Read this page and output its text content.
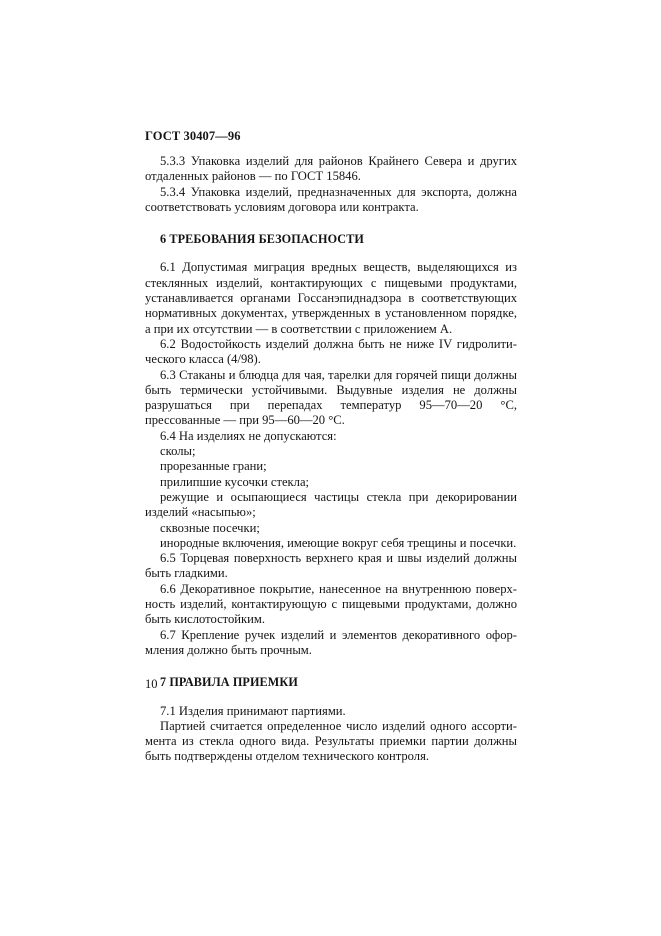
ГОСТ 30407—96

5.3.3 Упаковка изделий для районов Крайнего Севера и других отдаленных районов — по ГОСТ 15846.

5.3.4 Упаковка изделий, предназначенных для экспорта, должна соответствовать условиям договора или контракта.

6 ТРЕБОВАНИЯ БЕЗОПАСНОСТИ

6.1 Допустимая миграция вредных веществ, выделяющихся из стеклянных изделий, контактирующих с пищевыми продуктами, устанавливается органами Госсанэпиднадзора в соответствующих нормативных документах, утвержденных в установленном порядке, а при их отсутствии — в соответствии с приложением А.

6.2 Водостойкость изделий должна быть не ниже IV гидролитического класса (4/98).

6.3 Стаканы и блюдца для чая, тарелки для горячей пищи должны быть термически устойчивыми. Выдувные изделия не должны разрушаться при перепадах температур 95—70—20 °С, прессованные — при 95—60—20 °С.

6.4 На изделиях не допускаются:

сколы;

прорезанные грани;

прилипшие кусочки стекла;

режущие и осыпающиеся частицы стекла при декорировании изделий «насыпью»;

сквозные посечки;

инородные включения, имеющие вокруг себя трещины и посечки.

6.5 Торцевая поверхность верхнего края и швы изделий должны быть гладкими.

6.6 Декоративное покрытие, нанесенное на внутреннюю поверхность изделий, контактирующую с пищевыми продуктами, должно быть кислотостойким.

6.7 Крепление ручек изделий и элементов декоративного оформления должно быть прочным.

7 ПРАВИЛА ПРИЕМКИ

7.1 Изделия принимают партиями.

Партией считается определенное число изделий одного ассортимента из стекла одного вида. Результаты приемки партии должны быть подтверждены отделом технического контроля.

10
